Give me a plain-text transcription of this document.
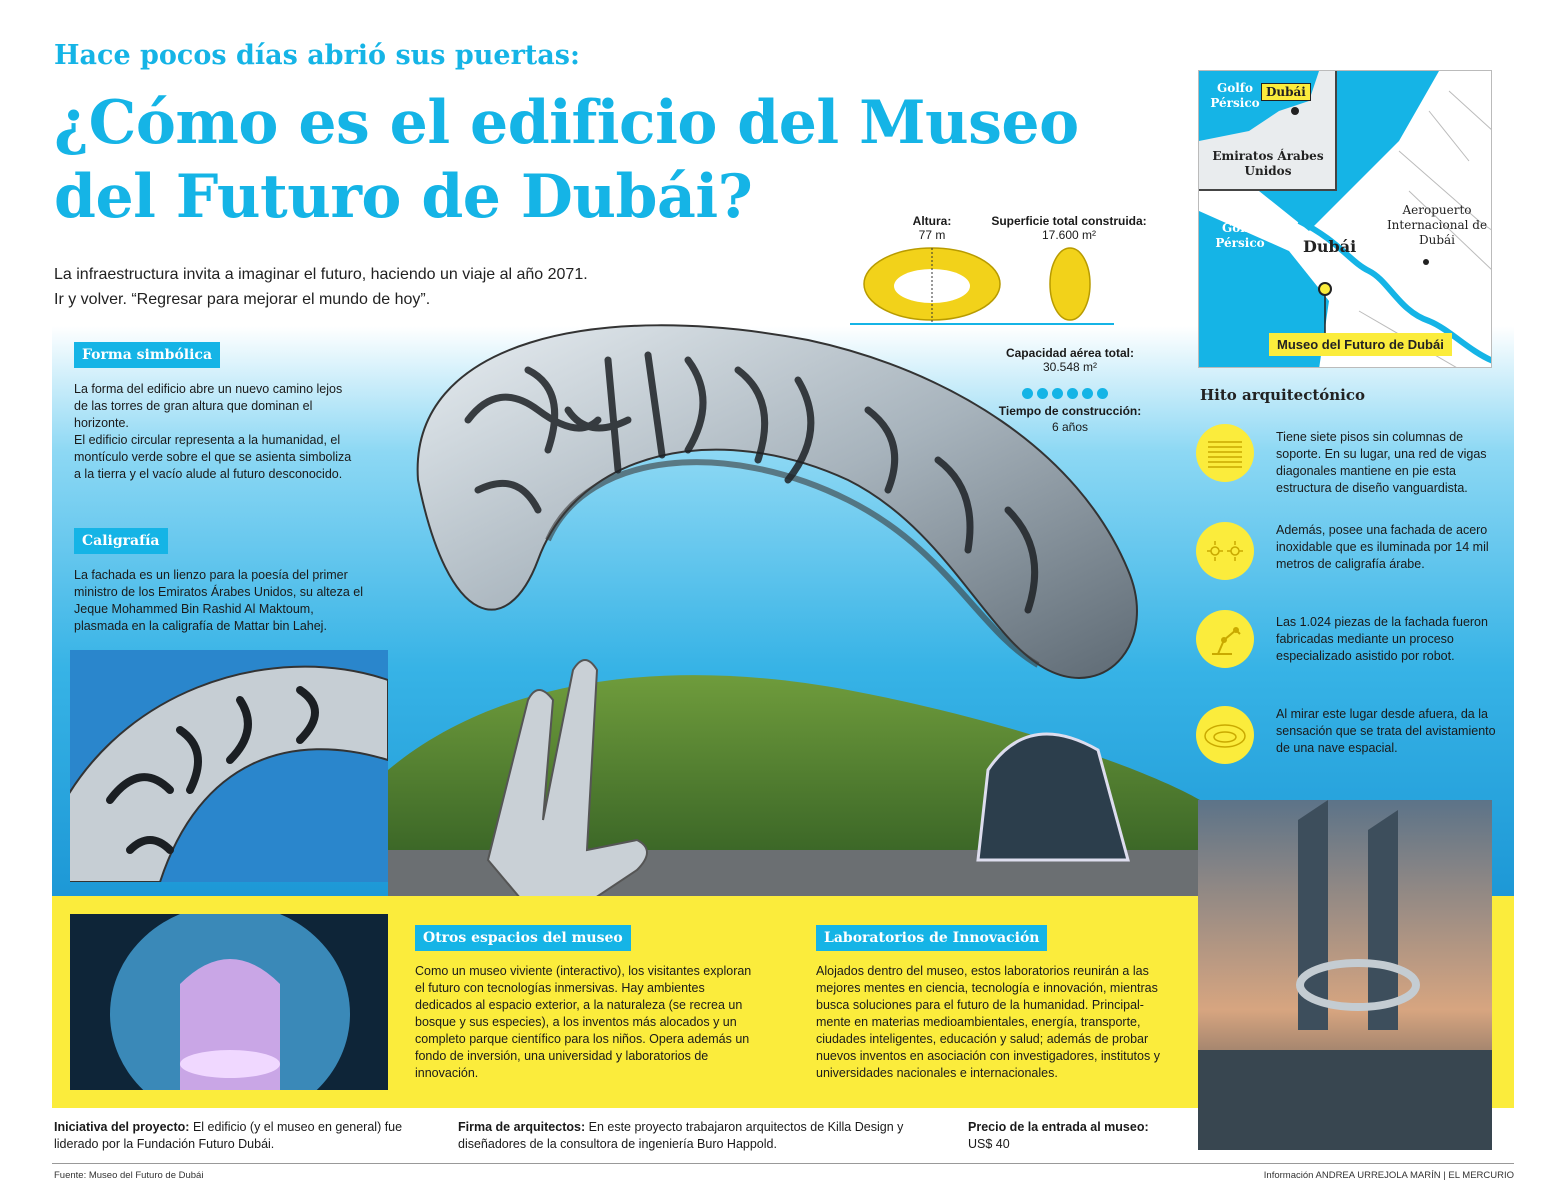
Hace pocos días abrió sus puertas:
¿Cómo es el edificio del Museo del Futuro de Dubái?
La infraestructura invita a imaginar el futuro, haciendo un viaje al año 2071.
Ir y volver. “Regresar para mejorar el mundo de hoy”.
Forma simbólica

La forma del edificio abre un nuevo camino lejos de las torres de gran altura que dominan el horizonte.

El edificio circular representa a la humanidad, el montículo verde sobre el que se asienta simboliza a la tierra y el vacío alude al futuro desconocido.

Caligrafía
La fachada es un lienzo para la poesía del primer ministro de los Emiratos Árabes Unidos, su alteza el Jeque Mohammed Bin Rashid Al Maktoum, plasmada en la caligrafía de Mattar bin Lahej.
Altura:
77 m
Superficie total construida:
17.600 m²
Capacidad aérea total:
30.548 m²
Tiempo de construcción:
6 años
Golfo Pérsico
Dubái
Emiratos Árabes Unidos
Golfo Pérsico	Dubái
Aeropuerto Internacional de Dubái
Museo del Futuro de Dubái
Hito arquitectónico
Tiene siete pisos sin columnas de soporte. En su lugar, una red de vigas diagonales mantiene en pie esta estructura de diseño vanguardista.
Además, posee una fachada de acero inoxidable que es iluminada por 14 mil metros de caligrafía árabe.
Las 1.024 piezas de la fachada fueron fabricadas mediante un proceso especializado asistido por robot.
Al mirar este lugar desde afuera, da la sensación que se trata del avistamiento de una nave espacial.
Otros espacios del museo
Como un museo viviente (interactivo), los visitantes exploran el futuro con tecnologías inmersivas. Hay ambientes dedicados al espacio exterior, a la naturaleza (se recrea un bosque y sus especies), a los inventos más alocados y un completo parque científico para los niños. Opera además un fondo de inversión, una universidad y laboratorios de innovación.
Laboratorios de Innovación
Alojados dentro del museo, estos laboratorios reunirán a las mejores mentes en ciencia, tecnología e innovación, mientras busca soluciones para el futuro de la humanidad. Principal- mente en materias medioambientales, energía, transporte, ciudades inteligentes, educación y salud; además de probar nuevos inventos en asociación con investigadores, institutos y universidades nacionales e internacionales.
Iniciativa del proyecto: El edificio (y el museo en general) fue liderado por la Fundación Futuro Dubái.
Firma de arquitectos: En este proyecto trabajaron arquitectos de Killa Design y diseñadores de la consultora de ingeniería Buro Happold.
Precio de la entrada al museo:
US$ 40
Fuente: Museo del Futuro de Dubái	Información ANDREA URREJOLA MARÍN | EL MERCURIO
